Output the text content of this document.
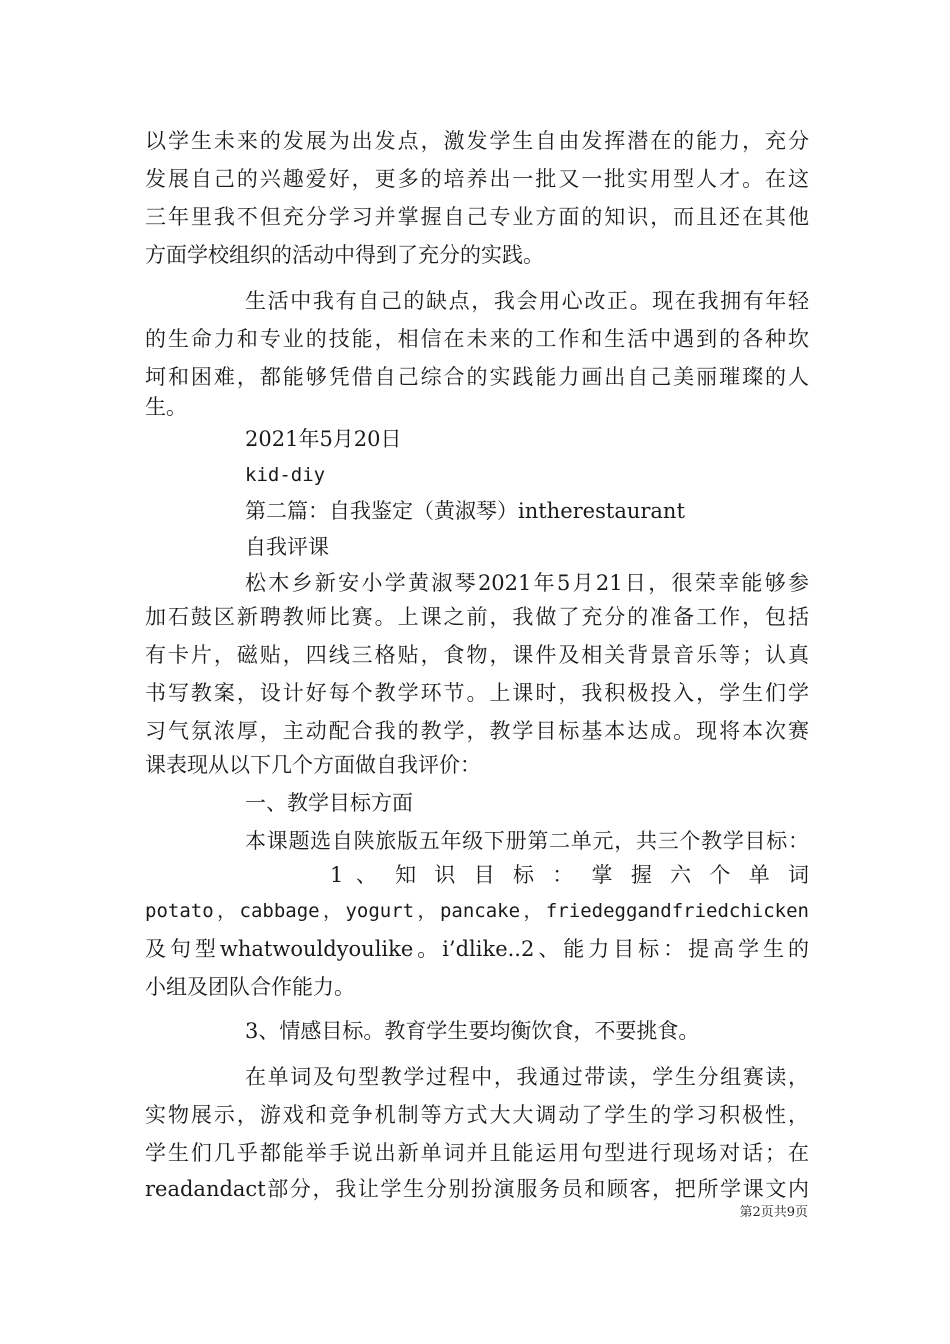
以学生未来的发展为出发点，激发学生自由发挥潜在的能力，充分
发展自己的兴趣爱好，更多的培养出一批又一批实用型人才。在这
三年里我不但充分学习并掌握自己专业方面的知识，而且还在其他
方面学校组织的活动中得到了充分的实践。
生活中我有自己的缺点，我会用心改正。现在我拥有年轻
的生命力和专业的技能，相信在未来的工作和生活中遇到的各种坎
坷和困难，都能够凭借自己综合的实践能力画出自己美丽璀璨的人
生。
2021年5月20日
kid-diy
第二篇：自我鉴定（黄淑琴）intherestaurant
自我评课
松木乡新安小学黄淑琴2021年5月21日，很荣幸能够参
加石鼓区新聘教师比赛。上课之前，我做了充分的准备工作，包括
有卡片，磁贴，四线三格贴，食物，课件及相关背景音乐等；认真
书写教案，设计好每个教学环节。上课时，我积极投入，学生们学
习气氛浓厚，主动配合我的教学，教学目标基本达成。现将本次赛
课表现从以下几个方面做自我评价：
一、教学目标方面
本课题选自陕旅版五年级下册第二单元，共三个教学目标：
1 、 知 识 目 标 ： 掌 握 六 个 单 词
potato，cabbage，yogurt，pancake，friedeggandfriedchicken
及句型whatwouldyoulike。i’dlike..2、能力目标：提高学生的
小组及团队合作能力。
3、情感目标。教育学生要均衡饮食，不要挑食。
在单词及句型教学过程中，我通过带读，学生分组赛读，
实物展示，游戏和竞争机制等方式大大调动了学生的学习积极性，
学生们几乎都能举手说出新单词并且能运用句型进行现场对话；在
readandact部分，我让学生分别扮演服务员和顾客，把所学课文内
第2页共9页
